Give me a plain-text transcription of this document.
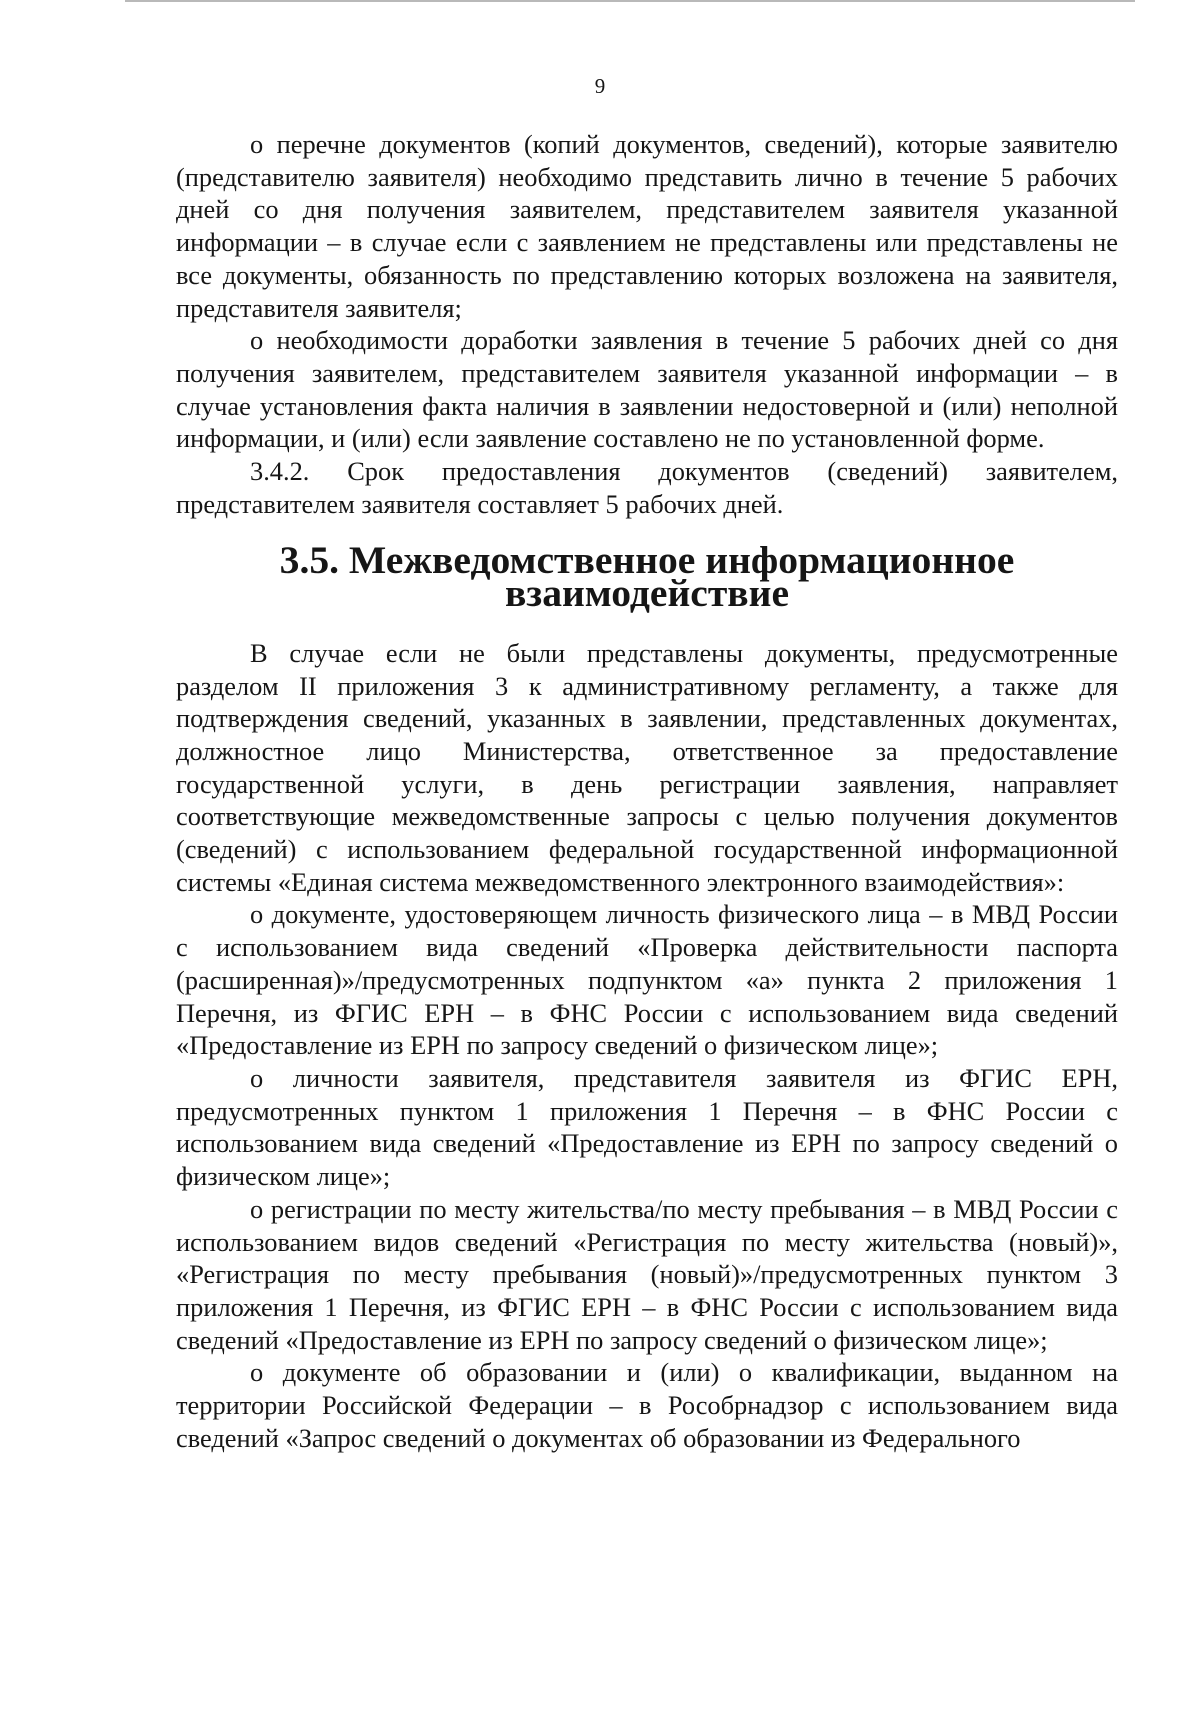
9

о перечне документов (копий документов, сведений), которые заявителю (представителю заявителя) необходимо представить лично в течение 5 рабочих дней со дня получения заявителем, представителем заявителя указанной информации – в случае если с заявлением не представлены или представлены не все документы, обязанность по представлению которых возложена на заявителя, представителя заявителя;

о необходимости доработки заявления в течение 5 рабочих дней со дня получения заявителем, представителем заявителя указанной информации – в случае установления факта наличия в заявлении недостоверной и (или) неполной информации, и (или) если заявление составлено не по установленной форме.

3.4.2. Срок предоставления документов (сведений) заявителем, представителем заявителя составляет 5 рабочих дней.

3.5. Межведомственное информационное взаимодействие

В случае если не были представлены документы, предусмотренные разделом II приложения 3 к административному регламенту, а также для подтверждения сведений, указанных в заявлении, представленных документах, должностное лицо Министерства, ответственное за предоставление государственной услуги, в день регистрации заявления, направляет соответствующие межведомственные запросы с целью получения документов (сведений) с использованием федеральной государственной информационной системы «Единая система межведомственного электронного взаимодействия»:

о документе, удостоверяющем личность физического лица – в МВД России с использованием вида сведений «Проверка действительности паспорта (расширенная)»/предусмотренных подпунктом «а» пункта 2 приложения 1 Перечня, из ФГИС ЕРН – в ФНС России с использованием вида сведений «Предоставление из ЕРН по запросу сведений о физическом лице»;

о личности заявителя, представителя заявителя из ФГИС ЕРН, предусмотренных пунктом 1 приложения 1 Перечня – в ФНС России с использованием вида сведений «Предоставление из ЕРН по запросу сведений о физическом лице»;

о регистрации по месту жительства/по месту пребывания – в МВД России с использованием видов сведений «Регистрация по месту жительства (новый)», «Регистрация по месту пребывания (новый)»/предусмотренных пунктом 3 приложения 1 Перечня, из ФГИС ЕРН – в ФНС России с использованием вида сведений «Предоставление из ЕРН по запросу сведений о физическом лице»;

о документе об образовании и (или) о квалификации, выданном на территории Российской Федерации – в Рособрнадзор с использованием вида сведений «Запрос сведений о документах об образовании из Федерального
